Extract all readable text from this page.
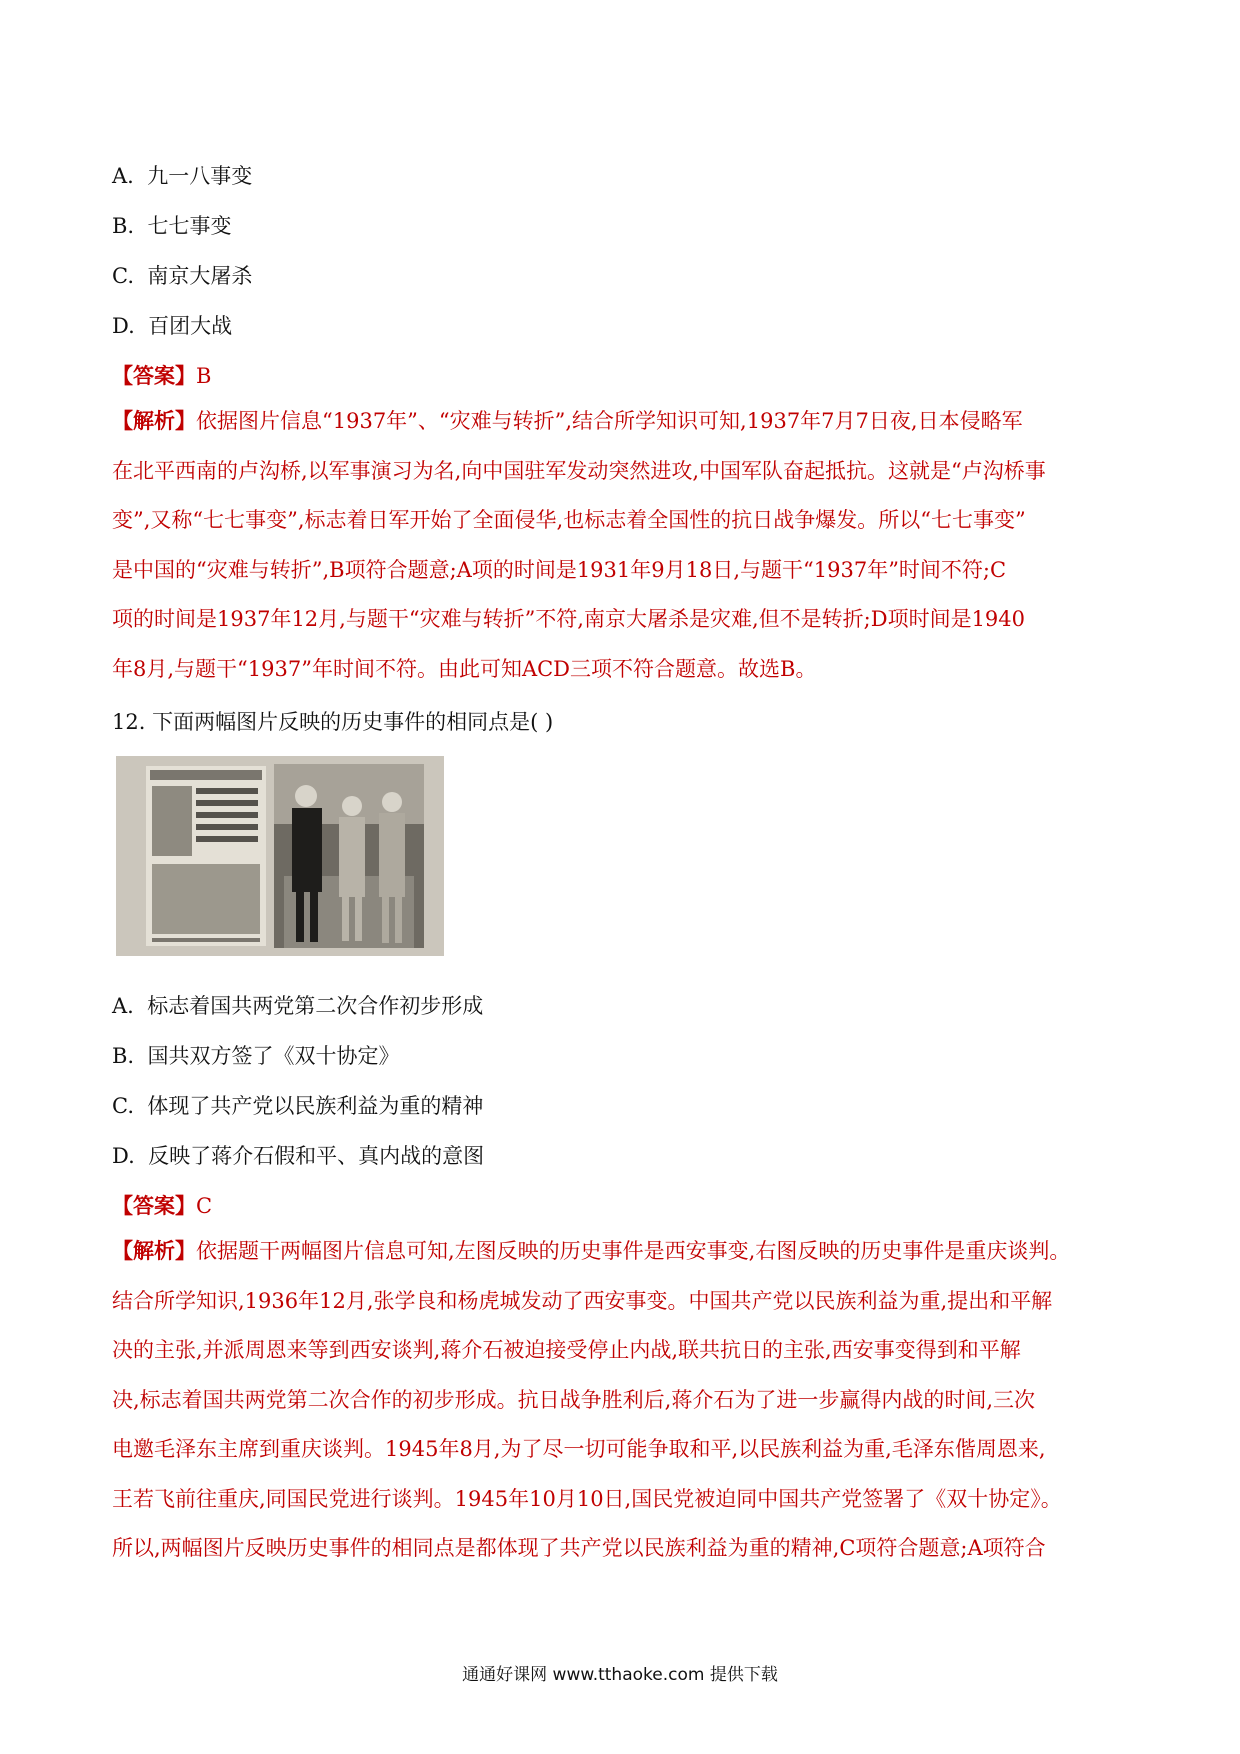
A. 九一八事变
B. 七七事变
C. 南京大屠杀
D. 百团大战
【答案】B
【解析】依据图片信息“1937年”、“灾难与转折”,结合所学知识可知,1937年7月7日夜,日本侵略军
在北平西南的卢沟桥,以军事演习为名,向中国驻军发动突然进攻,中国军队奋起抵抗。这就是“卢沟桥事
变”,又称“七七事变”,标志着日军开始了全面侵华,也标志着全国性的抗日战争爆发。所以“七七事变”
是中国的“灾难与转折”,B项符合题意;A项的时间是1931年9月18日,与题干“1937年”时间不符;C
项的时间是1937年12月,与题干“灾难与转折”不符,南京大屠杀是灾难,但不是转折;D项时间是1940
年8月,与题干“1937”年时间不符。由此可知ACD三项不符合题意。故选B。
12. 下面两幅图片反映的历史事件的相同点是( )
A. 标志着国共两党第二次合作初步形成
B. 国共双方签了《双十协定》
C. 体现了共产党以民族利益为重的精神
D. 反映了蒋介石假和平、真内战的意图
【答案】C
【解析】依据题干两幅图片信息可知,左图反映的历史事件是西安事变,右图反映的历史事件是重庆谈判。
结合所学知识,1936年12月,张学良和杨虎城发动了西安事变。中国共产党以民族利益为重,提出和平解
决的主张,并派周恩来等到西安谈判,蒋介石被迫接受停止内战,联共抗日的主张,西安事变得到和平解
决,标志着国共两党第二次合作的初步形成。抗日战争胜利后,蒋介石为了进一步赢得内战的时间,三次
电邀毛泽东主席到重庆谈判。1945年8月,为了尽一切可能争取和平,以民族利益为重,毛泽东偕周恩来,
王若飞前往重庆,同国民党进行谈判。1945年10月10日,国民党被迫同中国共产党签署了《双十协定》。
所以,两幅图片反映历史事件的相同点是都体现了共产党以民族利益为重的精神,C项符合题意;A项符合
通通好课网 www.tthaoke.com 提供下载
